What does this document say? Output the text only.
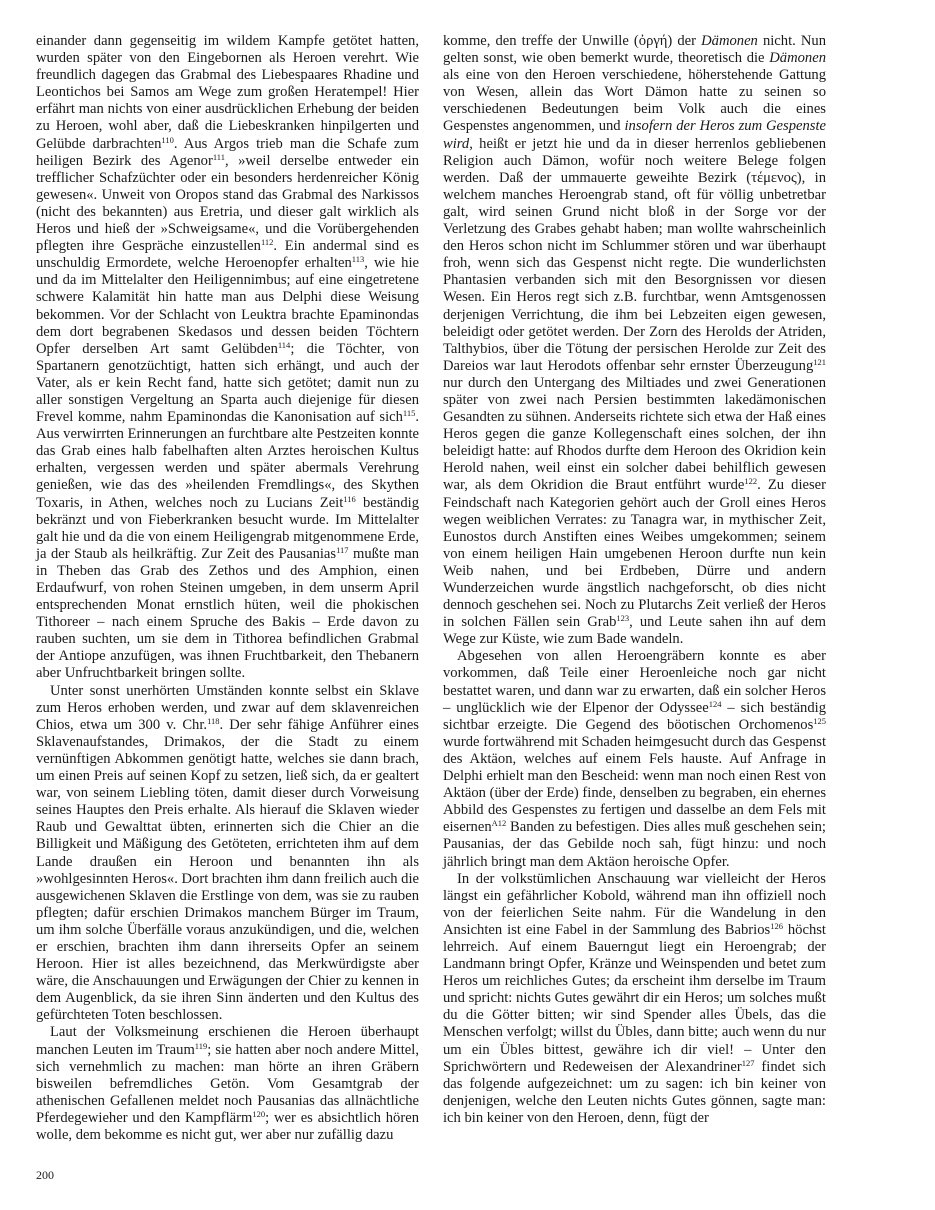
einander dann gegenseitig im wildem Kampfe getötet hatten, wurden später von den Eingebornen als Heroen verehrt. Wie freundlich dagegen das Grabmal des Liebespaares Rhadine und Leontichos bei Samos am Wege zum großen Heratempel! Hier erfährt man nichts von einer ausdrücklichen Erhebung der beiden zu Heroen, wohl aber, daß die Liebeskranken hinpilgerten und Gelübde darbrachten$^{110}$. Aus Argos trieb man die Schafe zum heiligen Bezirk des Agenor$^{111}$, »weil derselbe entweder ein trefflicher Schafzüchter oder ein besonders herdenreicher König gewesen«. Unweit von Oropos stand das Grabmal des Narkissos (nicht des bekannten) aus Eretria, und dieser galt wirklich als Heros und hieß der »Schweigsame«, und die Vorübergehenden pflegten ihre Gespräche einzustellen$^{112}$. Ein andermal sind es unschuldig Ermordete, welche Heroenopfer erhalten$^{113}$, wie hie und da im Mittelalter den Heiligennimbus; auf eine eingetretene schwere Kalamität hin hatte man aus Delphi diese Weisung bekommen. Vor der Schlacht von Leuktra brachte Epaminondas dem dort begrabenen Skedasos und dessen beiden Töchtern Opfer derselben Art samt Gelübden$^{114}$; die Töchter, von Spartanern genotzüchtigt, hatten sich erhängt, und auch der Vater, als er kein Recht fand, hatte sich getötet; damit nun zu aller sonstigen Vergeltung an Sparta auch diejenige für diesen Frevel komme, nahm Epaminondas die Kanonisation auf sich$^{115}$. Aus verwirrten Erinnerungen an furchtbare alte Pestzeiten konnte das Grab eines halb fabelhaften alten Arztes heroischen Kultus erhalten, vergessen werden und später abermals Verehrung genießen, wie das des »heilenden Fremdlings«, des Skythen Toxaris, in Athen, welches noch zu Lucians Zeit$^{116}$ beständig bekränzt und von Fieberkranken besucht wurde. Im Mittelalter galt hie und da die von einem Heiligengrab mitgenommene Erde, ja der Staub als heilkräftig. Zur Zeit des Pausanias$^{117}$ mußte man in Theben das Grab des Zethos und des Amphion, einen Erdaufwurf, von rohen Steinen umgeben, in dem unserm April entsprechenden Monat ernstlich hüten, weil die phokischen Tithoreer – nach einem Spruche des Bakis – Erde davon zu rauben suchten, um sie dem in Tithorea befindlichen Grabmal der Antiope anzufügen, was ihnen Fruchtbarkeit, den Thebanern aber Unfruchtbarkeit bringen sollte.

Unter sonst unerhörten Umständen konnte selbst ein Sklave zum Heros erhoben werden, und zwar auf dem sklavenreichen Chios, etwa um 300 v. Chr.$^{118}$. Der sehr fähige Anführer eines Sklavenaufstandes, Drimakos, der die Stadt zu einem vernünftigen Abkommen genötigt hatte, welches sie dann brach, um einen Preis auf seinen Kopf zu setzen, ließ sich, da er gealtert war, von seinem Liebling töten, damit dieser durch Vorweisung seines Hauptes den Preis erhalte. Als hierauf die Sklaven wieder Raub und Gewalttat übten, erinnerten sich die Chier an die Billigkeit und Mäßigung des Getöteten, errichteten ihm auf dem Lande draußen ein Heroon und benannten ihn als »wohlgesinnten Heros«. Dort brachten ihm dann freilich auch die ausgewichenen Sklaven die Erstlinge von dem, was sie zu rauben pflegten; dafür erschien Drimakos manchem Bürger im Traum, um ihm solche Überfälle voraus anzukündigen, und die, welchen er erschien, brachten ihm dann ihrerseits Opfer an seinem Heroon. Hier ist alles bezeichnend, das Merkwürdigste aber wäre, die Anschauungen und Erwägungen der Chier zu kennen in dem Augenblick, da sie ihren Sinn änderten und den Kultus des gefürchteten Toten beschlossen.

Laut der Volksmeinung erschienen die Heroen überhaupt manchen Leuten im Traum$^{119}$; sie hatten aber noch andere Mittel, sich vernehmlich zu machen: man hörte an ihren Gräbern bisweilen befremdliches Getön. Vom Gesamtgrab der athenischen Gefallenen meldet noch Pausanias das allnächtliche Pferdegewieher und den Kampflärm$^{120}$; wer es absichtlich hören wolle, dem bekomme es nicht gut, wer aber nur zufällig dazu

komme, den treffe der Unwille (ὀργή) der Dämonen nicht. Nun gelten sonst, wie oben bemerkt wurde, theoretisch die Dämonen als eine von den Heroen verschiedene, höherstehende Gattung von Wesen, allein das Wort Dämon hatte zu seinen so verschiedenen Bedeutungen beim Volk auch die eines Gespenstes angenommen, und insofern der Heros zum Gespenste wird, heißt er jetzt hie und da in dieser herrenlos gebliebenen Religion auch Dämon, wofür noch weitere Belege folgen werden. Daß der ummauerte geweihte Bezirk (τέμενος), in welchem manches Heroengrab stand, oft für völlig unbetretbar galt, wird seinen Grund nicht bloß in der Sorge vor der Verletzung des Grabes gehabt haben; man wollte wahrscheinlich den Heros schon nicht im Schlummer stören und war überhaupt froh, wenn sich das Gespenst nicht regte. Die wunderlichsten Phantasien verbanden sich mit den Besorgnissen vor diesen Wesen. Ein Heros regt sich z.B. furchtbar, wenn Amtsgenossen derjenigen Verrichtung, die ihm bei Lebzeiten eigen gewesen, beleidigt oder getötet werden. Der Zorn des Herolds der Atriden, Talthybios, über die Tötung der persischen Herolde zur Zeit des Dareios war laut Herodots offenbar sehr ernster Überzeugung$^{121}$ nur durch den Untergang des Miltiades und zwei Generationen später von zwei nach Persien bestimmten lakedämonischen Gesandten zu sühnen. Anderseits richtete sich etwa der Haß eines Heros gegen die ganze Kollegenschaft eines solchen, der ihn beleidigt hatte: auf Rhodos durfte dem Heroon des Okridion kein Herold nahen, weil einst ein solcher dabei behilflich gewesen war, als dem Okridion die Braut entführt wurde$^{122}$. Zu dieser Feindschaft nach Kategorien gehört auch der Groll eines Heros wegen weiblichen Verrates: zu Tanagra war, in mythischer Zeit, Eunostos durch Anstiften eines Weibes umgekommen; seinem von einem heiligen Hain umgebenen Heroon durfte nun kein Weib nahen, und bei Erdbeben, Dürre und andern Wunderzeichen wurde ängstlich nachgeforscht, ob dies nicht dennoch geschehen sei. Noch zu Plutarchs Zeit verließ der Heros in solchen Fällen sein Grab$^{123}$, und Leute sahen ihn auf dem Wege zur Küste, wie zum Bade wandeln.

Abgesehen von allen Heroengräbern konnte es aber vorkommen, daß Teile einer Heroenleiche noch gar nicht bestattet waren, und dann war zu erwarten, daß ein solcher Heros – unglücklich wie der Elpenor der Odyssee$^{124}$ – sich beständig sichtbar erzeigte. Die Gegend des böotischen Orchomenos$^{125}$ wurde fortwährend mit Schaden heimgesucht durch das Gespenst des Aktäon, welches auf einem Fels hauste. Auf Anfrage in Delphi erhielt man den Bescheid: wenn man noch einen Rest von Aktäon (über der Erde) finde, denselben zu begraben, ein ehernes Abbild des Gespenstes zu fertigen und dasselbe an dem Fels mit eisernen$^{A12}$ Banden zu befestigen. Dies alles muß geschehen sein; Pausanias, der das Gebilde noch sah, fügt hinzu: und noch jährlich bringt man dem Aktäon heroische Opfer.

In der volkstümlichen Anschauung war vielleicht der Heros längst ein gefährlicher Kobold, während man ihn offiziell noch von der feierlichen Seite nahm. Für die Wandelung in den Ansichten ist eine Fabel in der Sammlung des Babrios$^{126}$ höchst lehrreich. Auf einem Bauerngut liegt ein Heroengrab; der Landmann bringt Opfer, Kränze und Weinspenden und betet zum Heros um reichliches Gutes; da erscheint ihm derselbe im Traum und spricht: nichts Gutes gewährt dir ein Heros; um solches mußt du die Götter bitten; wir sind Spender alles Übels, das die Menschen verfolgt; willst du Übles, dann bitte; auch wenn du nur um ein Übles bittest, gewähre ich dir viel! – Unter den Sprichwörtern und Redeweisen der Alexandriner$^{127}$ findet sich das folgende aufgezeichnet: um zu sagen: ich bin keiner von denjenigen, welche den Leuten nichts Gutes gönnen, sagte man: ich bin keiner von den Heroen, denn, fügt der

200
